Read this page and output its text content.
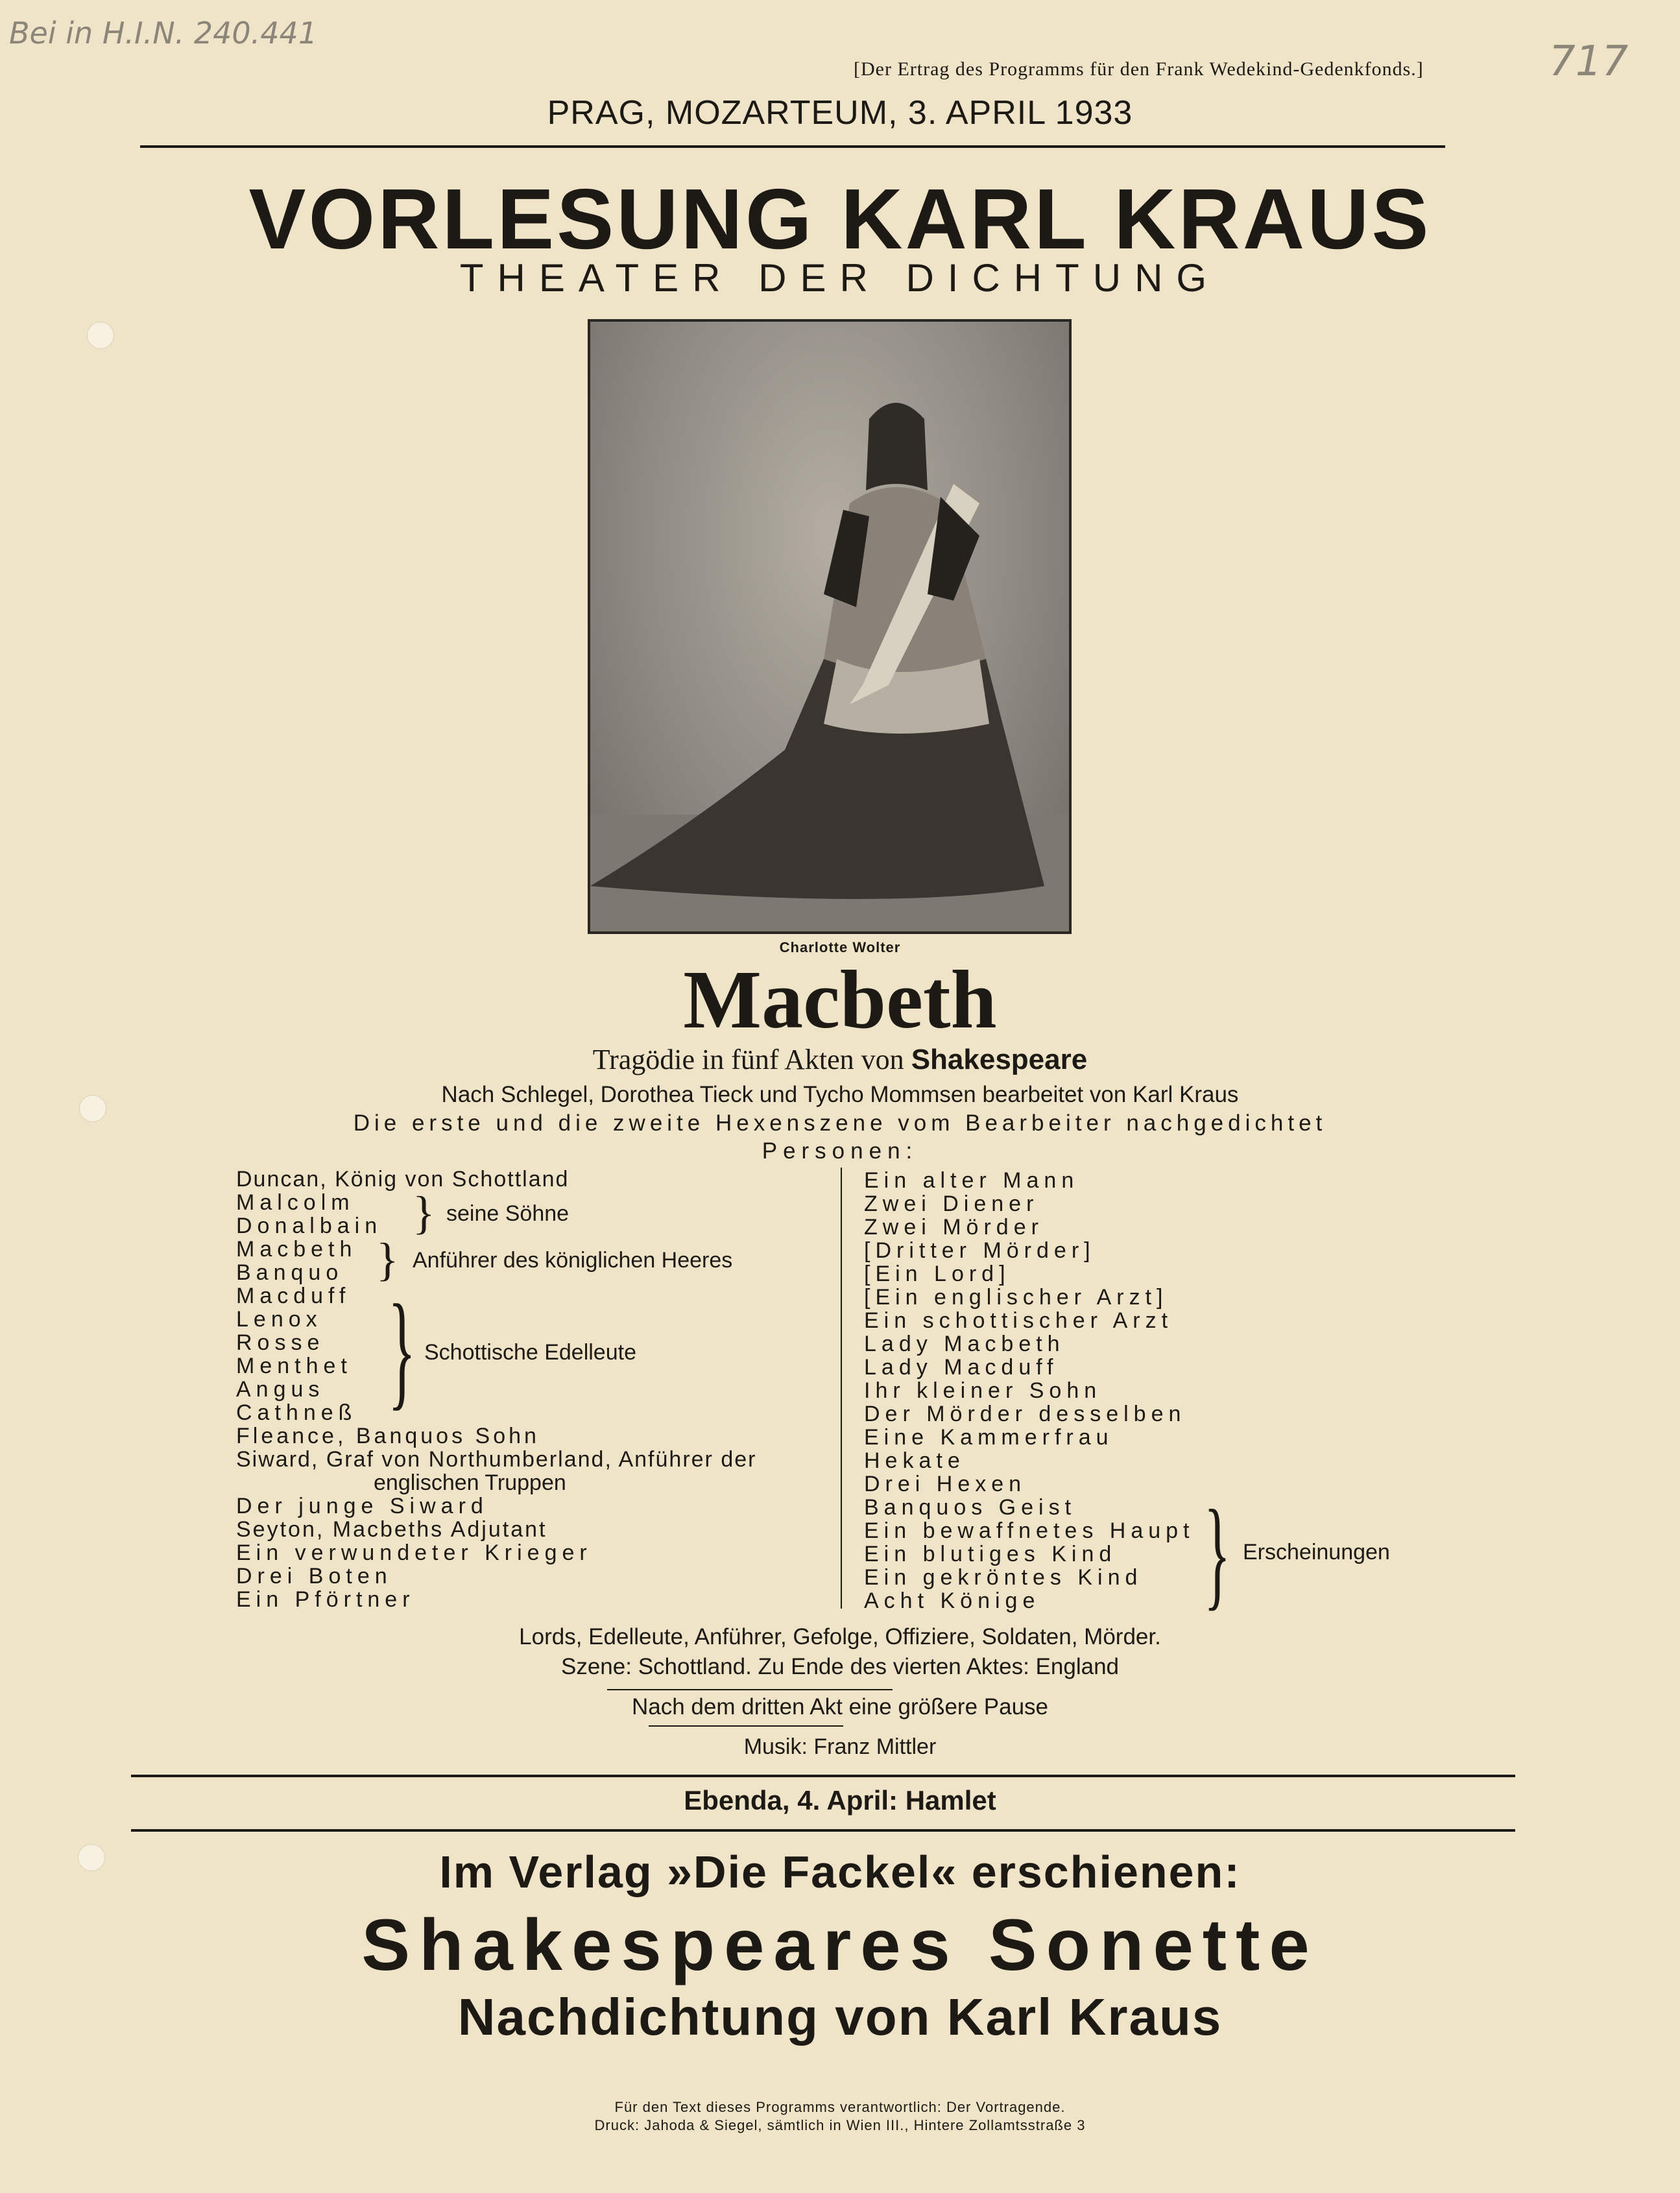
Bei in H.I.N. 240.441
717
[Der Ertrag des Programms für den Frank Wedekind-Gedenkfonds.]
PRAG, MOZARTEUM, 3. APRIL 1933
VORLESUNG KARL KRAUS
THEATER DER DICHTUNG
Charlotte Wolter
Macbeth
Tragödie in fünf Akten von Shakespeare
Nach Schlegel, Dorothea Tieck und Tycho Mommsen bearbeitet von Karl Kraus
Die erste und die zweite Hexenszene vom Bearbeiter nachgedichtet
Personen:
Duncan, König von Schottland
Malcolm
Donalbain
Macbeth
Banquo
Macduff
Lenox
Rosse
Menthet
Angus
Cathneß
Fleance, Banquos Sohn
Siward, Graf von Northumberland, Anführer der
englischen Truppen
Der junge Siward
Seyton, Macbeths Adjutant
Ein verwundeter Krieger
Drei Boten
Ein Pförtner
} seine Söhne
} Anführer des königlichen Heeres
} Schottische Edelleute
Ein alter Mann
Zwei Diener
Zwei Mörder
[Dritter Mörder]
[Ein Lord]
[Ein englischer Arzt]
Ein schottischer Arzt
Lady Macbeth
Lady Macduff
Ihr kleiner Sohn
Der Mörder desselben
Eine Kammerfrau
Hekate
Drei Hexen
Banquos Geist
Ein bewaffnetes Haupt
Ein blutiges Kind
Ein gekröntes Kind
Acht Könige	} Erscheinungen
Lords, Edelleute, Anführer, Gefolge, Offiziere, Soldaten, Mörder.
Szene: Schottland. Zu Ende des vierten Aktes: England
Nach dem dritten Akt eine größere Pause
Musik: Franz Mittler
Ebenda, 4. April: Hamlet
Im Verlag »Die Fackel« erschienen:
Shakespeares Sonette
Nachdichtung von Karl Kraus
Für den Text dieses Programms verantwortlich: Der Vortragende.
Druck: Jahoda & Siegel, sämtlich in Wien III., Hintere Zollamtsstraße 3
